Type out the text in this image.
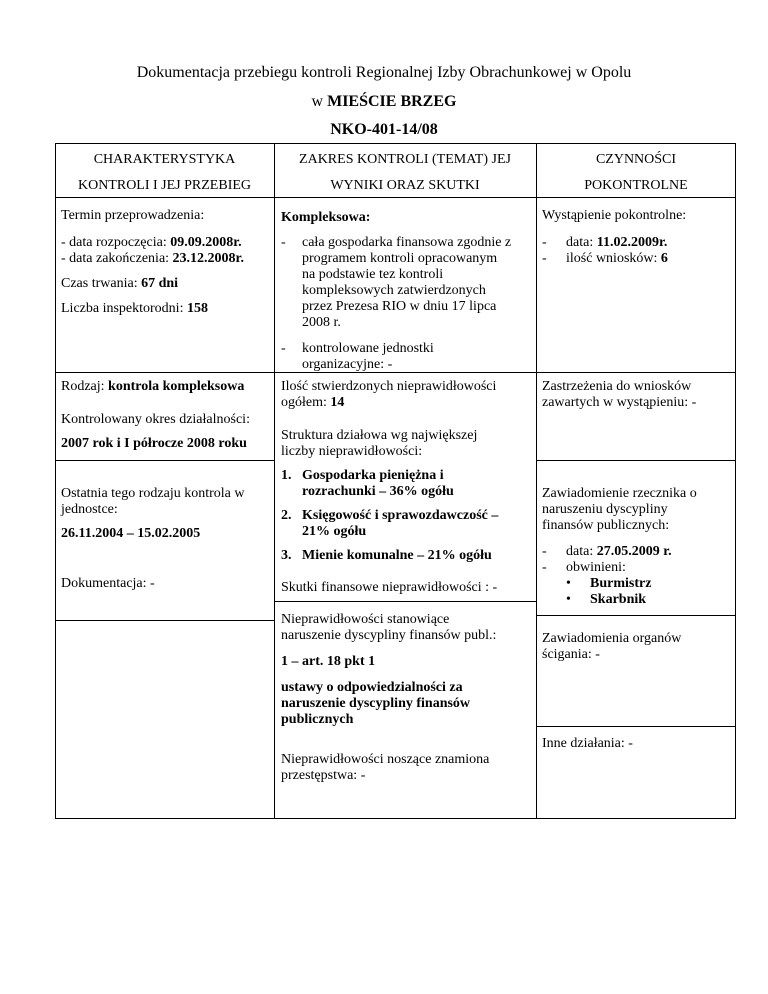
Dokumentacja przebiegu kontroli Regionalnej Izby Obrachunkowej w Opolu
w MIEŚCIE BRZEG
NKO-401-14/08
CHARAKTERYSTYKA
KONTROLI I JEJ PRZEBIEG
ZAKRES KONTROLI (TEMAT) JEJ
WYNIKI ORAZ SKUTKI
CZYNNOŚCI
POKONTROLNE
Termin przeprowadzenia:
- data rozpoczęcia: 09.09.2008r.
- data zakończenia: 23.12.2008r.
Czas trwania: 67 dni
Liczba inspektorodni: 158
Rodzaj: kontrola kompleksowa
Kontrolowany okres działalności:
2007 rok i I półrocze 2008 roku
Ostatnia tego rodzaju kontrola w
jednostce:
26.11.2004 – 15.02.2005
Dokumentacja: -
Kompleksowa:
- cała gospodarka finansowa zgodnie z
programem kontroli opracowanym
na podstawie tez kontroli
kompleksowych zatwierdzonych
przez Prezesa RIO w dniu 17 lipca
2008 r.
- kontrolowane jednostki
organizacyjne: -
Ilość stwierdzonych nieprawidłowości
ogółem: 14
Struktura działowa wg największej
liczby nieprawidłowości:
1. Gospodarka pieniężna i
rozrachunki – 36% ogółu
2. Księgowość i sprawozdawczość –
21% ogółu
3. Mienie komunalne – 21% ogółu
Skutki finansowe nieprawidłowości : -
Nieprawidłowości stanowiące
naruszenie dyscypliny finansów publ.:
1 – art. 18 pkt 1
ustawy o odpowiedzialności za
naruszenie dyscypliny finansów
publicznych
Nieprawidłowości noszące znamiona
przestępstwa: -
Wystąpienie pokontrolne:
- data: 11.02.2009r.
- ilość wniosków: 6
Zastrzeżenia do wniosków
zawartych w wystąpieniu: -
Zawiadomienie rzecznika o
naruszeniu dyscypliny
finansów publicznych:
- data: 27.05.2009 r.
- obwinieni:
• Burmistrz
• Skarbnik
Zawiadomienia organów
ścigania: -
Inne działania: -
